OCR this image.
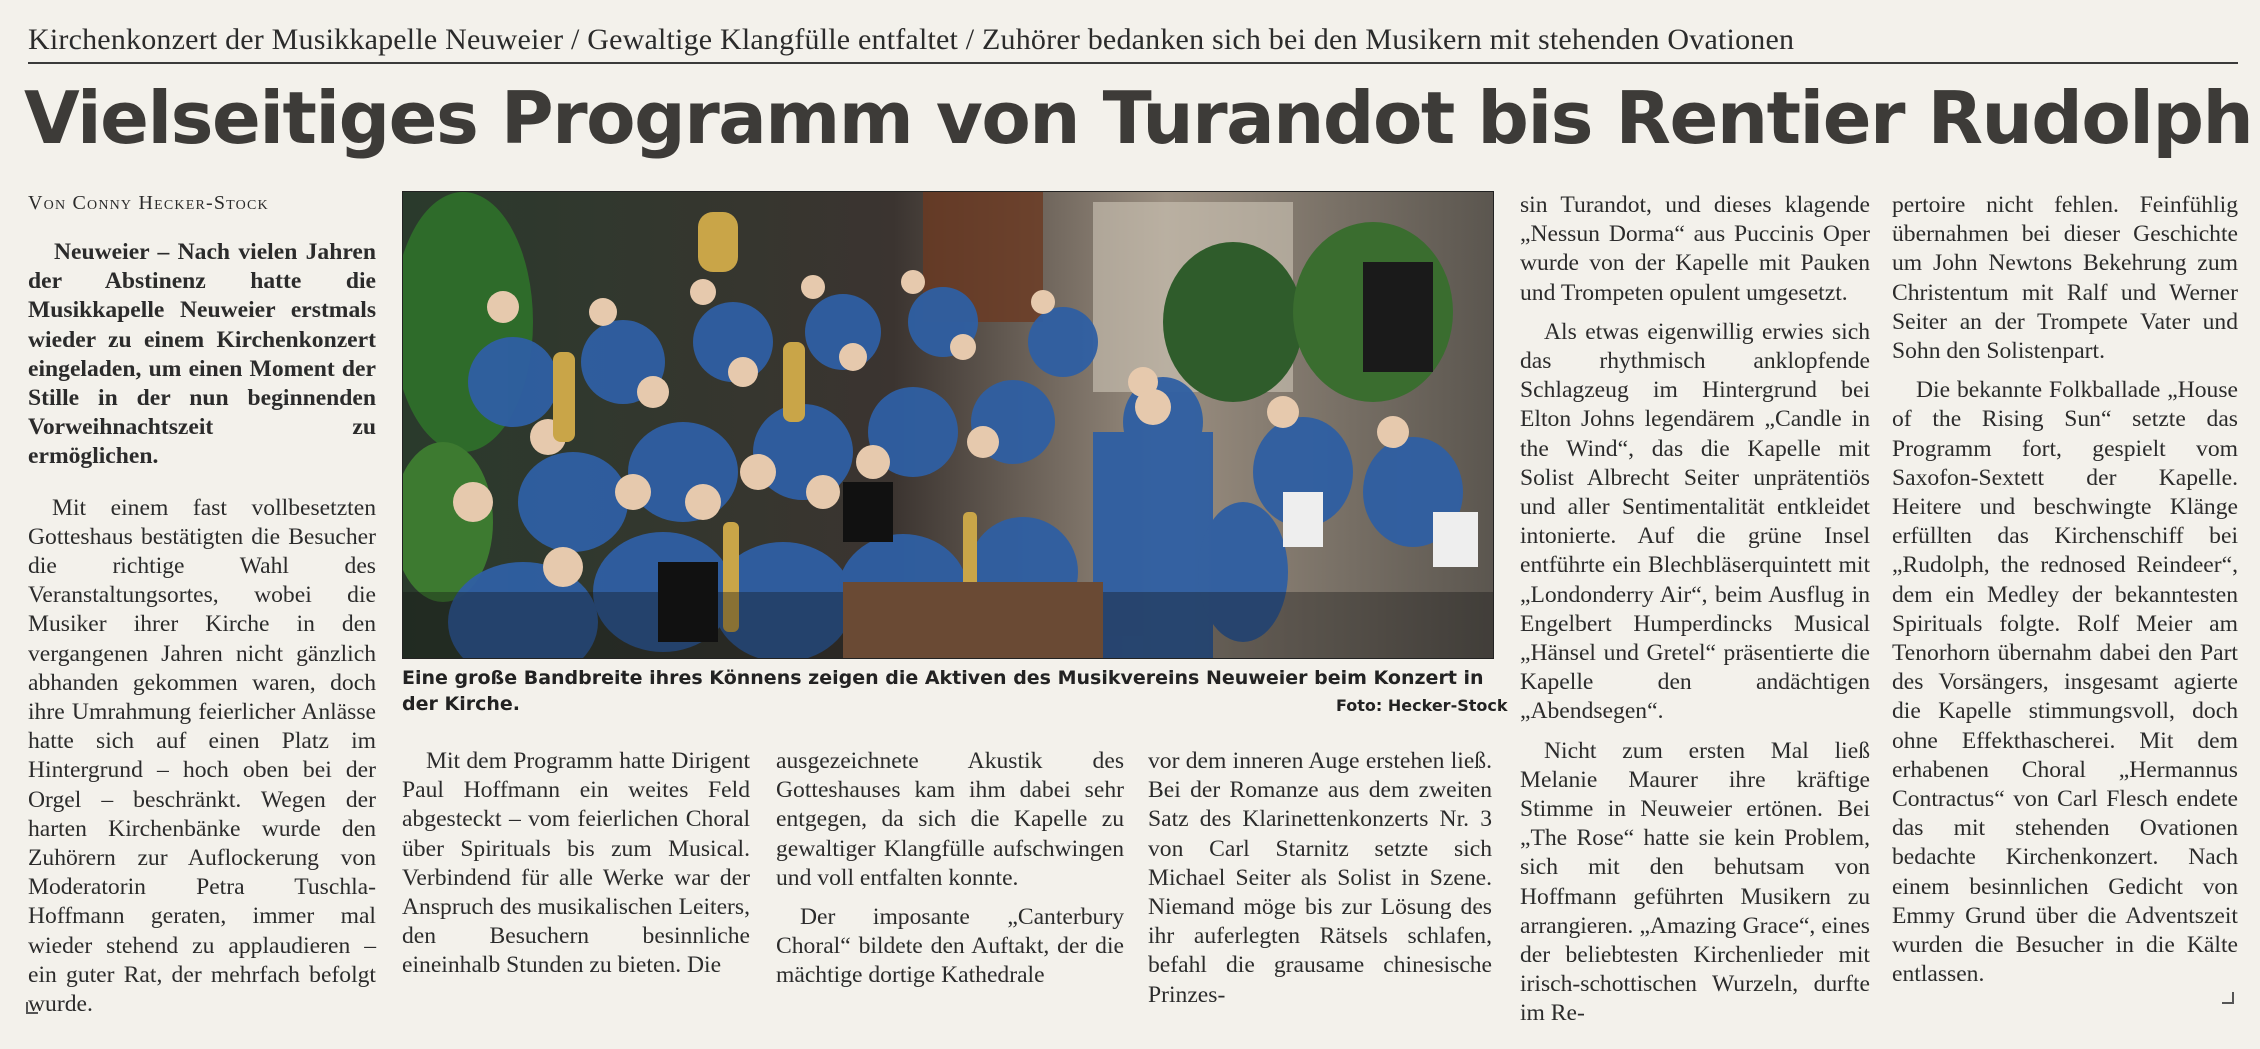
Kirchenkonzert der Musikkapelle Neuweier / Gewaltige Klangfülle entfaltet / Zuhörer bedanken sich bei den Musikern mit stehenden Ovationen
Vielseitiges Programm von Turandot bis Rentier Rudolph
Von Conny Hecker-Stock

Neuweier – Nach vielen Jahren der Abstinenz hatte die Musikkapelle Neuweier erstmals wieder zu einem Kirchenkonzert eingeladen, um einen Moment der Stille in der nun beginnenden Vorweihnachtszeit zu ermöglichen.

Mit einem fast vollbesetzten Gotteshaus bestätigten die Besucher die richtige Wahl des Veranstaltungsortes, wobei die Musiker ihrer Kirche in den vergangenen Jahren nicht gänzlich abhanden gekommen waren, doch ihre Umrahmung feierlicher Anlässe hatte sich auf einen Platz im Hintergrund – hoch oben bei der Orgel – beschränkt. Wegen der harten Kirchenbänke wurde den Zuhörern zur Auflockerung von Moderatorin Petra Tuschla-Hoffmann geraten, immer mal wieder stehend zu applaudieren – ein guter Rat, der mehrfach befolgt wurde.

Eine große Bandbreite ihres Könnens zeigen die Aktiven des Musikvereins Neuweier beim Konzert in der Kirche.	Foto: Hecker-Stock

Mit dem Programm hatte Dirigent Paul Hoffmann ein weites Feld abgesteckt – vom feierlichen Choral über Spirituals bis zum Musical. Verbindend für alle Werke war der Anspruch des musikalischen Leiters, den Besuchern besinnliche eineinhalb Stunden zu bieten. Die

ausgezeichnete Akustik des Gotteshauses kam ihm dabei sehr entgegen, da sich die Kapelle zu gewaltiger Klangfülle aufschwingen und voll entfalten konnte.

Der imposante „Canterbury Choral“ bildete den Auftakt, der die mächtige dortige Kathedrale

vor dem inneren Auge erstehen ließ. Bei der Romanze aus dem zweiten Satz des Klarinettenkonzerts Nr. 3 von Carl Starnitz setzte sich Michael Seiter als Solist in Szene. Niemand möge bis zur Lösung des ihr auferlegten Rätsels schlafen, befahl die grausame chinesische Prinzes-

sin Turandot, und dieses klagende „Nessun Dorma“ aus Puccinis Oper wurde von der Kapelle mit Pauken und Trompeten opulent umgesetzt.

Als etwas eigenwillig erwies sich das rhythmisch anklopfende Schlagzeug im Hintergrund bei Elton Johns legendärem „Candle in the Wind“, das die Kapelle mit Solist Albrecht Seiter unprätentiös und aller Sentimentalität entkleidet intonierte. Auf die grüne Insel entführte ein Blechbläserquintett mit „Londonderry Air“, beim Ausflug in Engelbert Humperdincks Musical „Hänsel und Gretel“ präsentierte die Kapelle den andächtigen „Abendsegen“.

Nicht zum ersten Mal ließ Melanie Maurer ihre kräftige Stimme in Neuweier ertönen. Bei „The Rose“ hatte sie kein Problem, sich mit den behutsam von Hoffmann geführten Musikern zu arrangieren. „Amazing Grace“, eines der beliebtesten Kirchenlieder mit irisch-schottischen Wurzeln, durfte im Re-

pertoire nicht fehlen. Feinfühlig übernahmen bei dieser Geschichte um John Newtons Bekehrung zum Christentum mit Ralf und Werner Seiter an der Trompete Vater und Sohn den Solistenpart.

Die bekannte Folkballade „House of the Rising Sun“ setzte das Programm fort, gespielt vom Saxofon-Sextett der Kapelle. Heitere und beschwingte Klänge erfüllten das Kirchenschiff bei „Rudolph, the rednosed Reindeer“, dem ein Medley der bekanntesten Spirituals folgte. Rolf Meier am Tenorhorn übernahm dabei den Part des Vorsängers, insgesamt agierte die Kapelle stimmungsvoll, doch ohne Effekthascherei. Mit dem erhabenen Choral „Hermannus Contractus“ von Carl Flesch endete das mit stehenden Ovationen bedachte Kirchenkonzert. Nach einem besinnlichen Gedicht von Emmy Grund über die Adventszeit wurden die Besucher in die Kälte entlassen.
